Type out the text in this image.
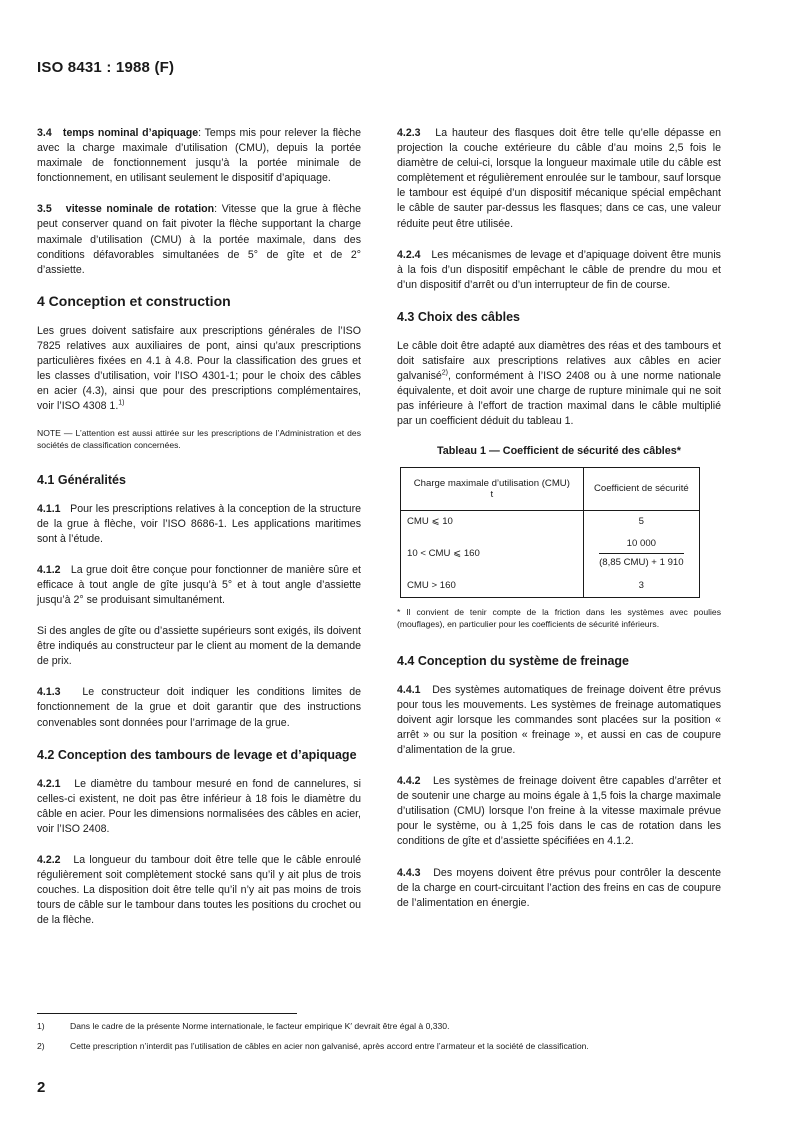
ISO 8431 : 1988 (F)

3.4 temps nominal d’apiquage: Temps mis pour relever la flèche avec la charge maximale d’utilisation (CMU), depuis la portée maximale de fonctionnement jusqu’à la portée minimale de fonctionnement, en utilisant seulement le dispositif d’apiquage.

3.5 vitesse nominale de rotation: Vitesse que la grue à flèche peut conserver quand on fait pivoter la flèche supportant la charge maximale d’utilisation (CMU) à la portée maximale, dans des conditions défavorables simultanées de 5° de gîte et de 2° d’assiette.

4 Conception et construction

Les grues doivent satisfaire aux prescriptions générales de l’ISO 7825 relatives aux auxiliaires de pont, ainsi qu’aux prescriptions particulières fixées en 4.1 à 4.8. Pour la classification des grues et les classes d’utilisation, voir l’ISO 4301-1; pour le choix des câbles en acier (4.3), ainsi que pour des prescriptions complémentaires, voir l’ISO 4308 1.$^{1)}$

NOTE — L’attention est aussi attirée sur les prescriptions de l’Administration et des sociétés de classification concernées.

4.1 Généralités

4.1.1 Pour les prescriptions relatives à la conception de la structure de la grue à flèche, voir l’ISO 8686-1. Les applications maritimes sont à l’étude.

4.1.2 La grue doit être conçue pour fonctionner de manière sûre et efficace à tout angle de gîte jusqu’à 5° et à tout angle d’assiette jusqu’à 2° se produisant simultanément.

Si des angles de gîte ou d’assiette supérieurs sont exigés, ils doivent être indiqués au constructeur par le client au moment de la demande de prix.

4.1.3 Le constructeur doit indiquer les conditions limites de fonctionnement de la grue et doit garantir que des instructions convenables sont données pour l’arrimage de la grue.

4.2 Conception des tambours de levage et d’apiquage

4.2.1 Le diamètre du tambour mesuré en fond de cannelures, si celles-ci existent, ne doit pas être inférieur à 18 fois le diamètre du câble en acier. Pour les dimensions normalisées des câbles en acier, voir l’ISO 2408.

4.2.2 La longueur du tambour doit être telle que le câble enroulé régulièrement soit complètement stocké sans qu’il y ait plus de trois couches. La disposition doit être telle qu’il n’y ait pas moins de trois tours de câble sur le tambour dans toutes les positions du crochet ou de la flèche.

4.2.3 La hauteur des flasques doit être telle qu’elle dépasse en projection la couche extérieure du câble d’au moins 2,5 fois le diamètre de celui-ci, lorsque la longueur maximale utile du câble est complètement et régulièrement enroulée sur le tambour, sauf lorsque le tambour est équipé d’un dispositif mécanique spécial empêchant le câble de sauter par-dessus les flasques; dans ce cas, une valeur réduite peut être utilisée.

4.2.4 Les mécanismes de levage et d’apiquage doivent être munis à la fois d’un dispositif empêchant le câble de prendre du mou et d’un dispositif d’arrêt ou d’un interrupteur de fin de course.

4.3 Choix des câbles

Le câble doit être adapté aux diamètres des réas et des tambours et doit satisfaire aux prescriptions relatives aux câbles en acier galvanisé$^{2)}$, conformément à l’ISO 2408 ou à une norme nationale équivalente, et doit avoir une charge de rupture minimale qui ne soit pas inférieure à l’effort de traction maximal dans le câble multiplié par un coefficient déduit du tableau 1.

Tableau 1 — Coefficient de sécurité des câbles*
Charge maximale d’utilisation (CMU)
t	Coefficient de sécurité
CMU ⩽ 10	5
10 < CMU ⩽ 160	$\frac{10 000}{\text{(8,85 CMU) + 1 910}}$

CMU > 160	3

* Il convient de tenir compte de la friction dans les systèmes avec poulies (mouflages), en particulier pour les coefficients de sécurité inférieurs.

4.4 Conception du système de freinage

4.4.1 Des systèmes automatiques de freinage doivent être prévus pour tous les mouvements. Les systèmes de freinage automatiques doivent agir lorsque les commandes sont placées sur la position « arrêt » ou sur la position « freinage », et aussi en cas de coupure d’alimentation de la grue.

4.4.2 Les systèmes de freinage doivent être capables d’arrêter et de soutenir une charge au moins égale à 1,5 fois la charge maximale d’utilisation (CMU) lorsque l’on freine à la vitesse maximale prévue pour le système, ou à 1,25 fois dans le cas de rotation dans les conditions de gîte et d’assiette spécifiées en 4.1.2.

4.4.3 Des moyens doivent être prévus pour contrôler la descente de la charge en court-circuitant l’action des freins en cas de coupure de l’alimentation en énergie.

1)	Dans le cadre de la présente Norme internationale, le facteur empirique K′ devrait être égal à 0,330.
2)	Cette prescription n’interdit pas l’utilisation de câbles en acier non galvanisé, après accord entre l’armateur et la société de classification.
2
